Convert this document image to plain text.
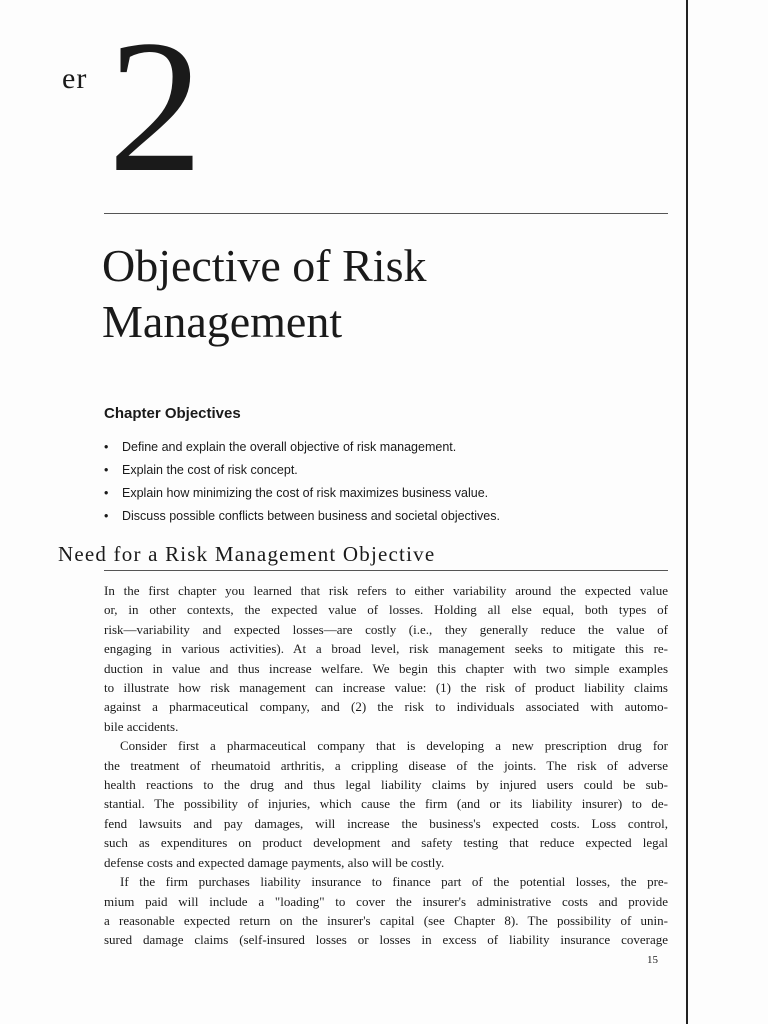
er 2
Objective of Risk
Management
Chapter Objectives
• Define and explain the overall objective of risk management.
• Explain the cost of risk concept.
• Explain how minimizing the cost of risk maximizes business value.
• Discuss possible conflicts between business and societal objectives.
Need for a Risk Management Objective

In the first chapter you learned that risk refers to either variability around the expected value
or, in other contexts, the expected value of losses. Holding all else equal, both types of
risk—variability and expected losses—are costly (i.e., they generally reduce the value of
engaging in various activities). At a broad level, risk management seeks to mitigate this re-
duction in value and thus increase welfare. We begin this chapter with two simple examples
to illustrate how risk management can increase value: (1) the risk of product liability claims
against a pharmaceutical company, and (2) the risk to individuals associated with automo-
bile accidents.

Consider first a pharmaceutical company that is developing a new prescription drug for
the treatment of rheumatoid arthritis, a crippling disease of the joints. The risk of adverse
health reactions to the drug and thus legal liability claims by injured users could be sub-
stantial. The possibility of injuries, which cause the firm (and or its liability insurer) to de-
fend lawsuits and pay damages, will increase the business's expected costs. Loss control,
such as expenditures on product development and safety testing that reduce expected legal
defense costs and expected damage payments, also will be costly.

If the firm purchases liability insurance to finance part of the potential losses, the pre-
mium paid will include a "loading" to cover the insurer's administrative costs and provide
a reasonable expected return on the insurer's capital (see Chapter 8). The possibility of unin-
sured damage claims (self-insured losses or losses in excess of liability insurance coverage

15
